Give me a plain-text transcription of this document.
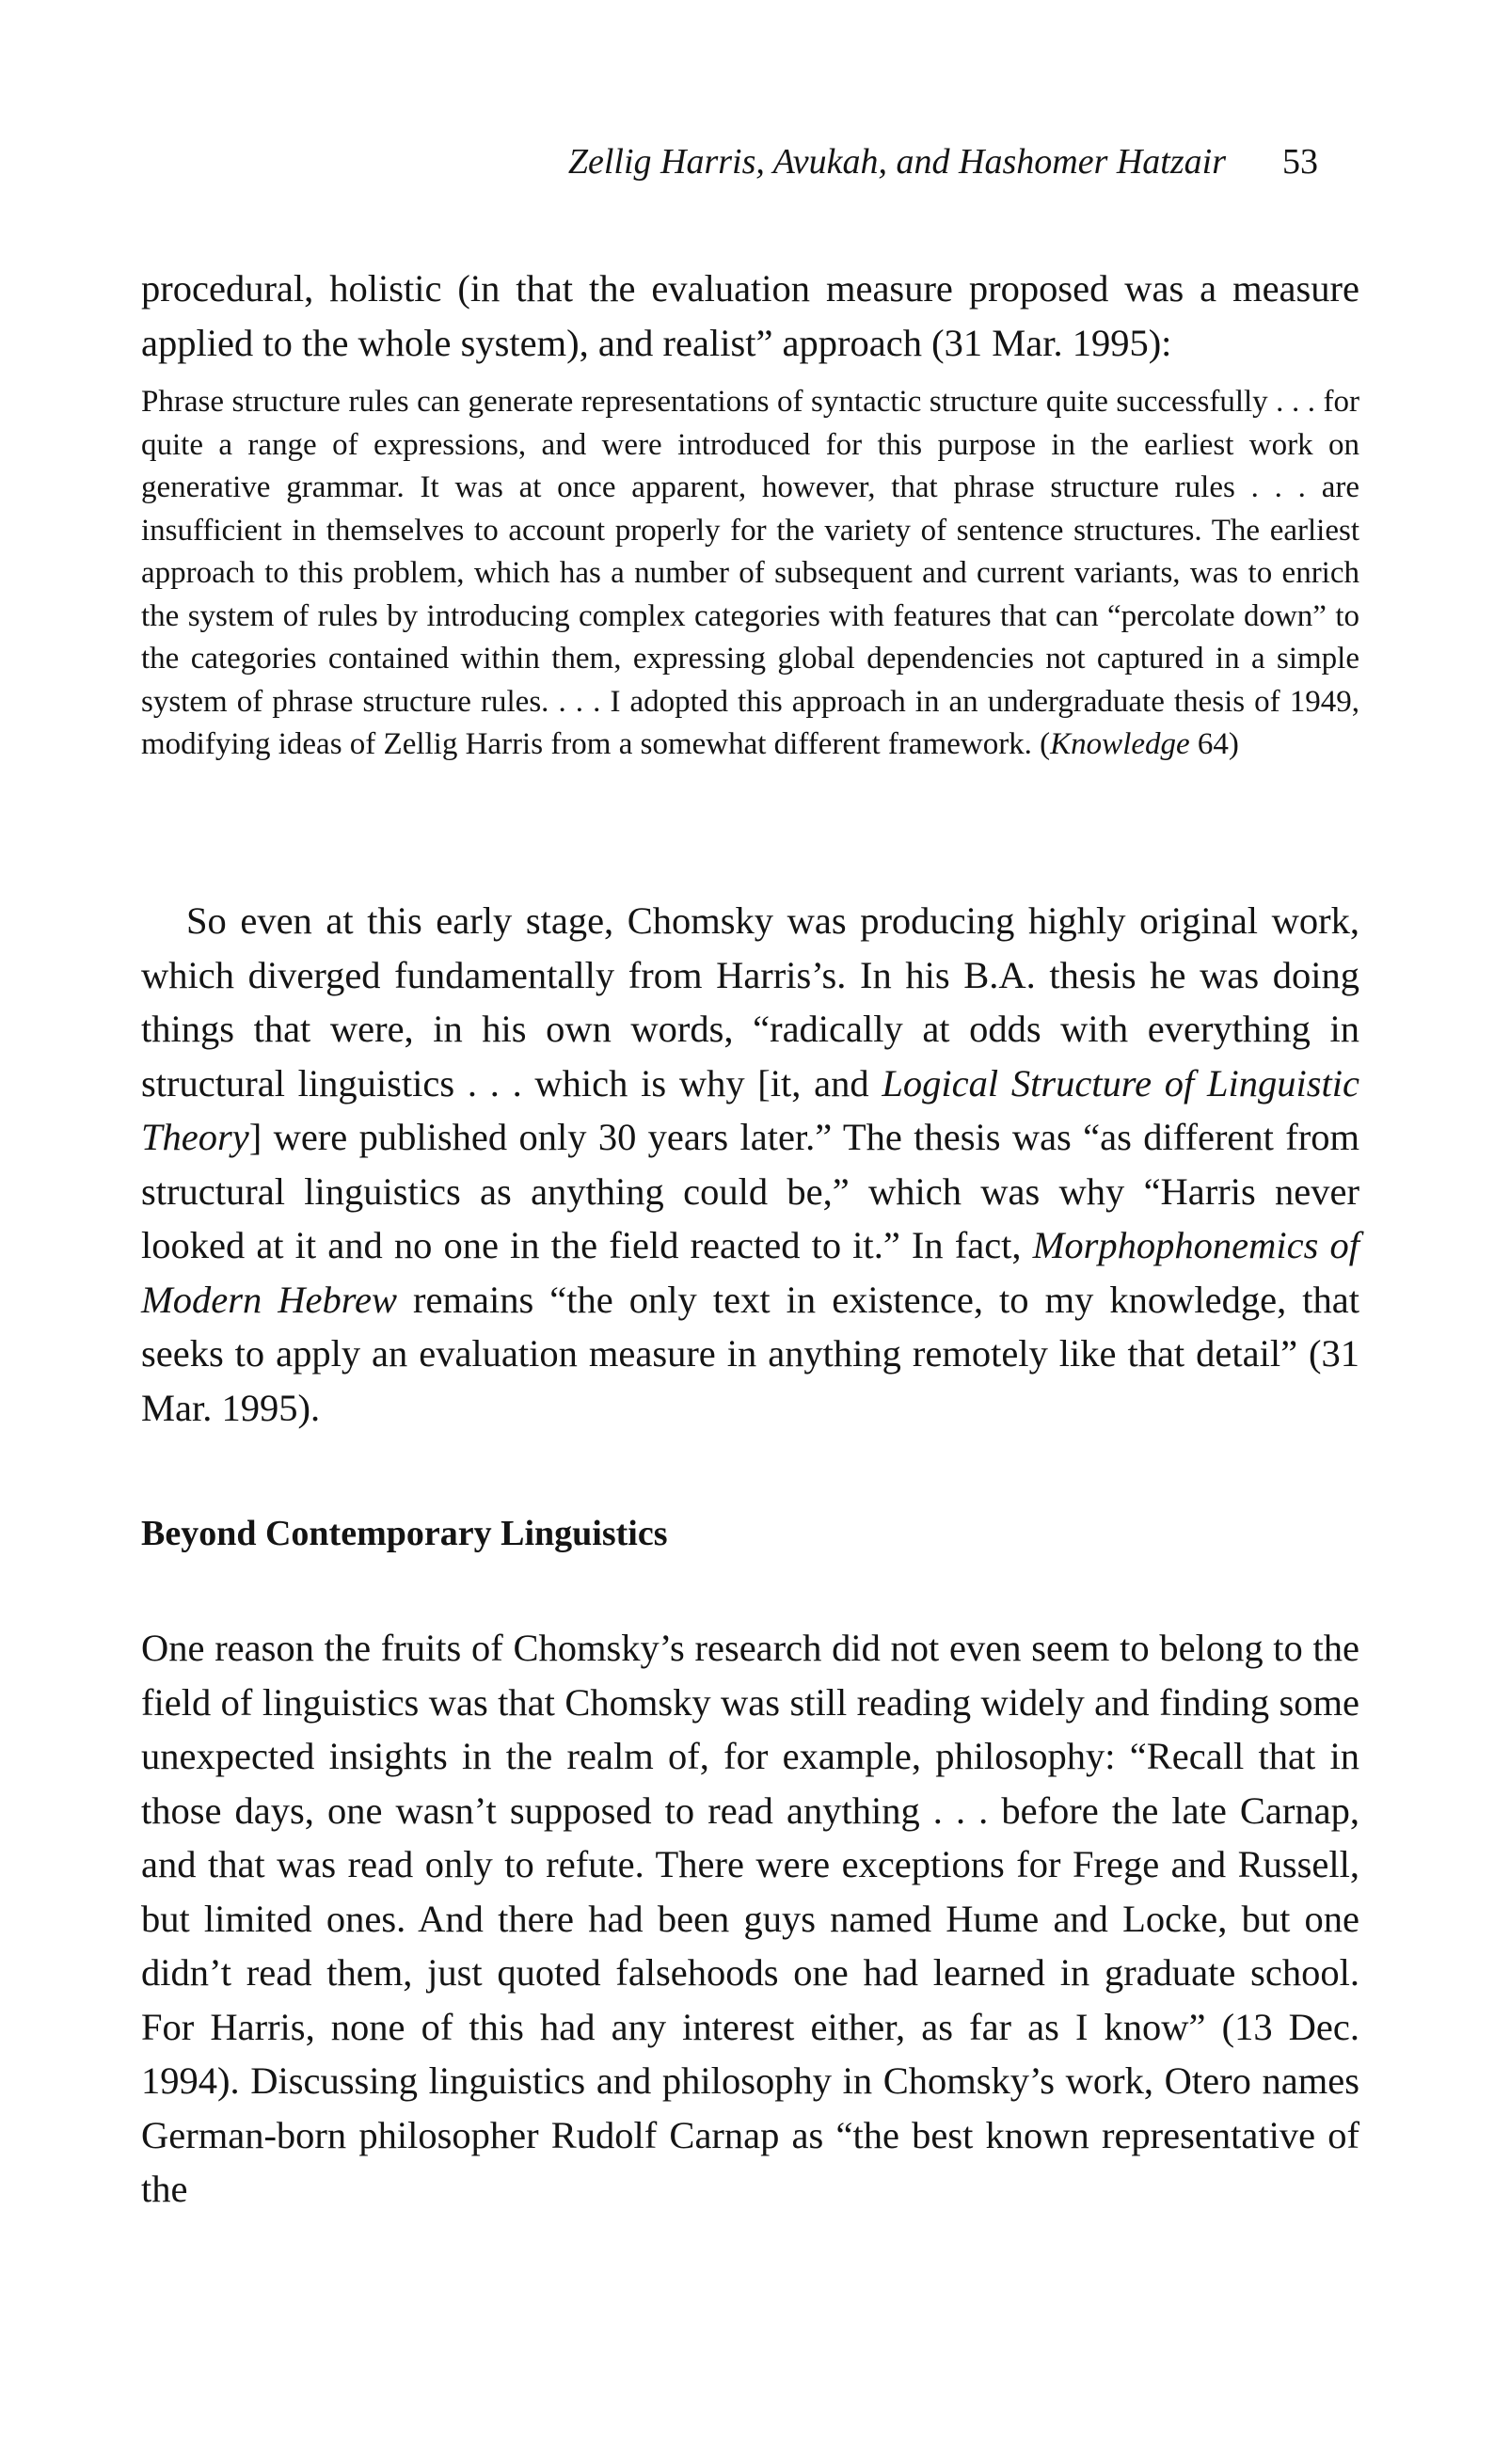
Zellig Harris, Avukah, and Hashomer Hatzair 53

procedural, holistic (in that the evaluation measure proposed was a measure applied to the whole system), and realist” approach (31 Mar. 1995):

Phrase structure rules can generate representations of syntactic structure quite successfully . . . for quite a range of expressions, and were introduced for this purpose in the earliest work on generative grammar. It was at once apparent, however, that phrase structure rules . . . are insufficient in themselves to account properly for the variety of sentence structures. The earliest approach to this problem, which has a number of subsequent and current variants, was to enrich the system of rules by introducing complex categories with features that can “percolate down” to the categories contained within them, expressing global dependencies not captured in a simple system of phrase structure rules. . . . I adopted this approach in an undergraduate thesis of 1949, modifying ideas of Zellig Harris from a somewhat different framework. (Knowledge 64)

So even at this early stage, Chomsky was producing highly original work, which diverged fundamentally from Harris’s. In his B.A. thesis he was doing things that were, in his own words, “radically at odds with everything in structural linguistics . . . which is why [it, and Logical Structure of Linguistic Theory] were published only 30 years later.” The thesis was “as different from structural linguistics as anything could be,” which was why “Harris never looked at it and no one in the field reacted to it.” In fact, Morphophonemics of Modern Hebrew remains “the only text in existence, to my knowledge, that seeks to apply an evaluation measure in anything remotely like that detail” (31 Mar. 1995).

Beyond Contemporary Linguistics

One reason the fruits of Chomsky’s research did not even seem to belong to the field of linguistics was that Chomsky was still reading widely and finding some unexpected insights in the realm of, for example, philosophy: “Recall that in those days, one wasn’t supposed to read anything . . . before the late Carnap, and that was read only to refute. There were exceptions for Frege and Russell, but limited ones. And there had been guys named Hume and Locke, but one didn’t read them, just quoted falsehoods one had learned in graduate school. For Harris, none of this had any interest either, as far as I know” (13 Dec. 1994). Discussing linguistics and philosophy in Chomsky’s work, Otero names German-born philosopher Rudolf Carnap as “the best known representative of the
